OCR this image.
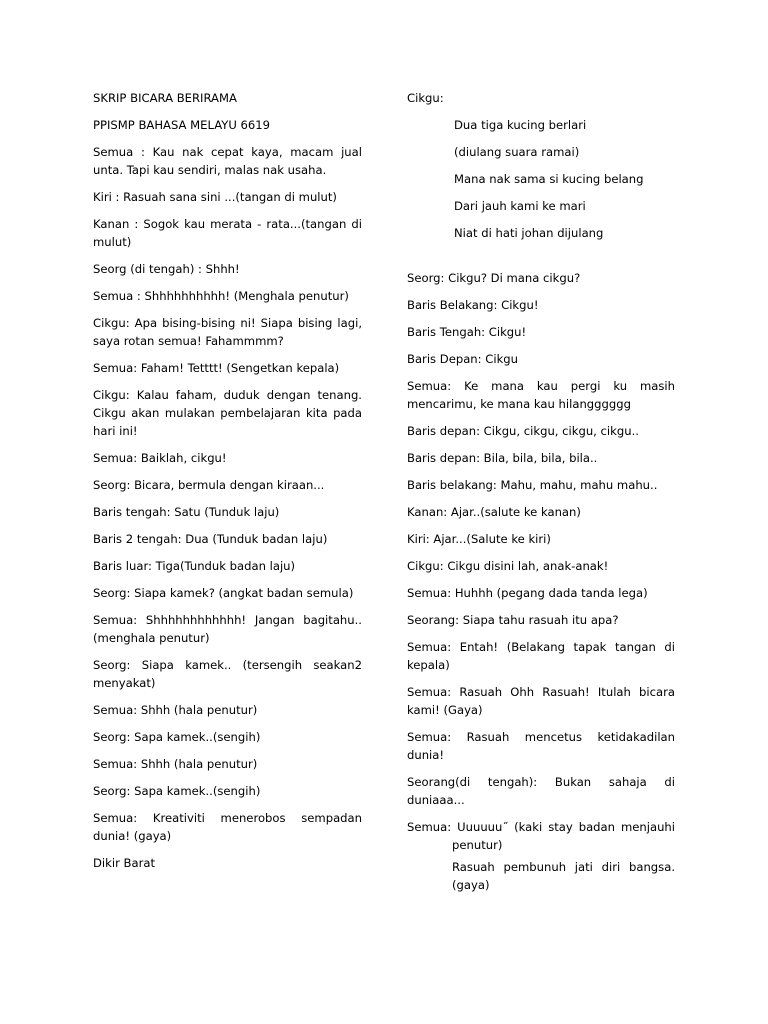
SKRIP BICARA BERIRAMA

PPISMP BAHASA MELAYU 6619

Semua : Kau nak cepat kaya, macam jual unta. Tapi kau sendiri, malas nak usaha.

Kiri : Rasuah sana sini ...(tangan di mulut)

Kanan : Sogok kau merata - rata...(tangan di mulut)

Seorg (di tengah) : Shhh!

Semua : Shhhhhhhhhh! (Menghala penutur)

Cikgu: Apa bising-bising ni! Siapa bising lagi, saya rotan semua! Fahammmm?

Semua: Faham! Tetttt! (Sengetkan kepala)

Cikgu: Kalau faham, duduk dengan tenang. Cikgu akan mulakan pembelajaran kita pada hari ini!

Semua: Baiklah, cikgu!

Seorg: Bicara, bermula dengan kiraan...

Baris tengah: Satu (Tunduk laju)

Baris 2 tengah: Dua (Tunduk badan laju)

Baris luar: Tiga(Tunduk badan laju)

Seorg: Siapa kamek? (angkat badan semula)

Semua: Shhhhhhhhhhhh! Jangan bagitahu.. (menghala penutur)

Seorg: Siapa kamek.. (tersengih seakan2 menyakat)

Semua: Shhh (hala penutur)

Seorg: Sapa kamek..(sengih)

Semua: Shhh (hala penutur)

Seorg: Sapa kamek..(sengih)

Semua: Kreativiti menerobos sempadan dunia! (gaya)

Dikir Barat

Cikgu:

Dua tiga kucing berlari

(diulang suara ramai)

Mana nak sama si kucing belang

Dari jauh kami ke mari

Niat di hati johan dijulang

Seorg: Cikgu? Di mana cikgu?

Baris Belakang: Cikgu!

Baris Tengah: Cikgu!

Baris Depan: Cikgu

Semua: Ke mana kau pergi ku masih mencarimu, ke mana kau hilangggggg

Baris depan: Cikgu, cikgu, cikgu, cikgu..

Baris depan: Bila, bila, bila, bila..

Baris belakang: Mahu, mahu, mahu mahu..

Kanan: Ajar..(salute ke kanan)

Kiri: Ajar...(Salute ke kiri)

Cikgu: Cikgu disini lah, anak-anak!

Semua: Huhhh (pegang dada tanda lega)

Seorang: Siapa tahu rasuah itu apa?

Semua: Entah! (Belakang tapak tangan di kepala)

Semua: Rasuah Ohh Rasuah! Itulah bicara kami! (Gaya)

Semua: Rasuah mencetus ketidakadilan dunia!

Seorang(di tengah): Bukan sahaja di duniaaa...

Semua: Uuuuuu˝ (kaki stay badan menjauhi penutur)

Rasuah pembunuh jati diri bangsa. (gaya)
